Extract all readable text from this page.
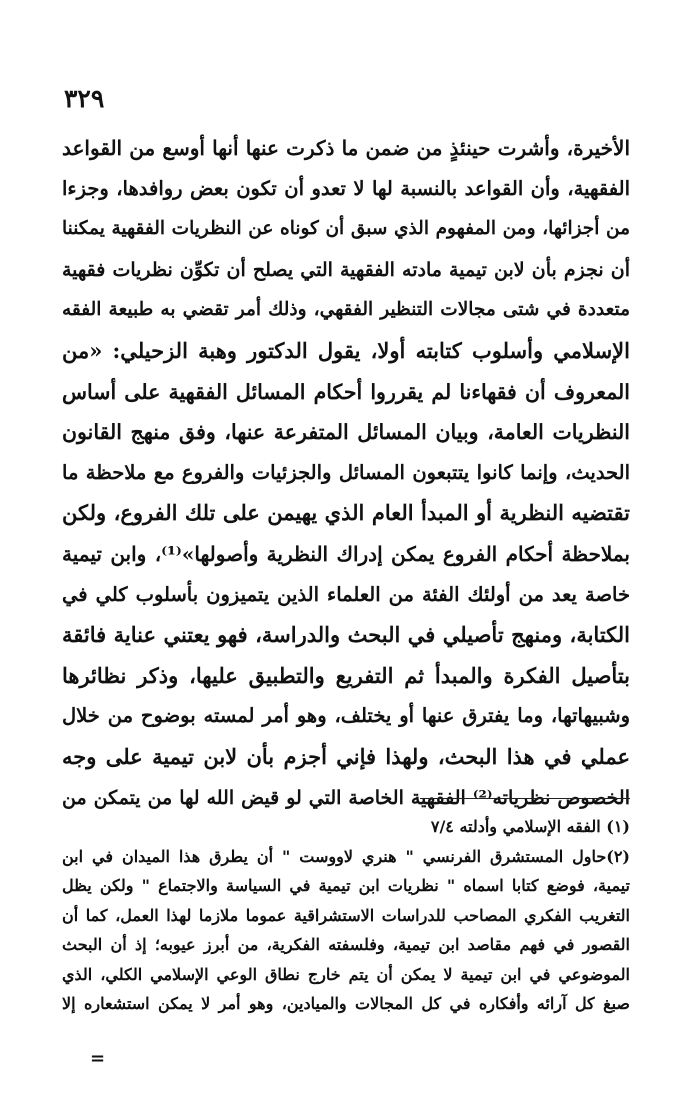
٣٢٩
الأخيرة، وأشرت حينئذٍ من ضمن ما ذكرت عنها أنها أوسع من القواعد
الفقهية، وأن القواعد بالنسبة لها لا تعدو أن تكون بعض روافدها، وجزءا
من أجزائها، ومن المفهوم الذي سبق أن كوناه عن النظريات الفقهية يمكننا
أن نجزم بأن لابن تيمية مادته الفقهية التي يصلح أن تكوِّن نظريات فقهية
متعددة في شتى مجالات التنظير الفقهي، وذلك أمر تقضي به طبيعة الفقه
الإسلامي وأسلوب كتابته أولا، يقول الدكتور وهبة الزحيلي: «من
المعروف أن فقهاءنا لم يقرروا أحكام المسائل الفقهية على أساس
النظريات العامة، وبيان المسائل المتفرعة عنها، وفق منهج القانون
الحديث، وإنما كانوا يتتبعون المسائل والجزئيات والفروع مع ملاحظة ما
تقتضيه النظرية أو المبدأ العام الذي يهيمن على تلك الفروع، ولكن
بملاحظة أحكام الفروع يمكن إدراك النظرية وأصولها»⁽¹⁾، وابن تيمية
خاصة يعد من أولئك الفئة من العلماء الذين يتميزون بأسلوب كلي في
الكتابة، ومنهج تأصيلي في البحث والدراسة، فهو يعتني عناية فائقة
بتأصيل الفكرة والمبدأ ثم التفريع والتطبيق عليها، وذكر نظائرها
وشبيهاتها، وما يفترق عنها أو يختلف، وهو أمر لمسته بوضوح من خلال
عملي في هذا البحث، ولهذا فإني أجزم بأن لابن تيمية على وجه
الخصوص نظرياته⁽²⁾ الفقهية الخاصة التي لو قيض الله لها من يتمكن من
(١) الفقه الإسلامي وأدلته ٧/٤
(٢)حاول المستشرق الفرنسي " هنري لاووست " أن يطرق هذا الميدان في ابن
تيمية، فوضع كتابا اسماه " نظريات ابن تيمية في السياسة والاجتماع " ولكن يظل
التغريب الفكري المصاحب للدراسات الاستشراقية عموما ملازما لهذا العمل، كما أن
القصور في فهم مقاصد ابن تيمية، وفلسفته الفكرية، من أبرز عيوبه؛ إذ أن البحث
الموضوعي في ابن تيمية لا يمكن أن يتم خارج نطاق الوعي الإسلامي الكلي، الذي
صبغ كل آرائه وأفكاره في كل المجالات والميادين، وهو أمر لا يمكن استشعاره إلا
=
